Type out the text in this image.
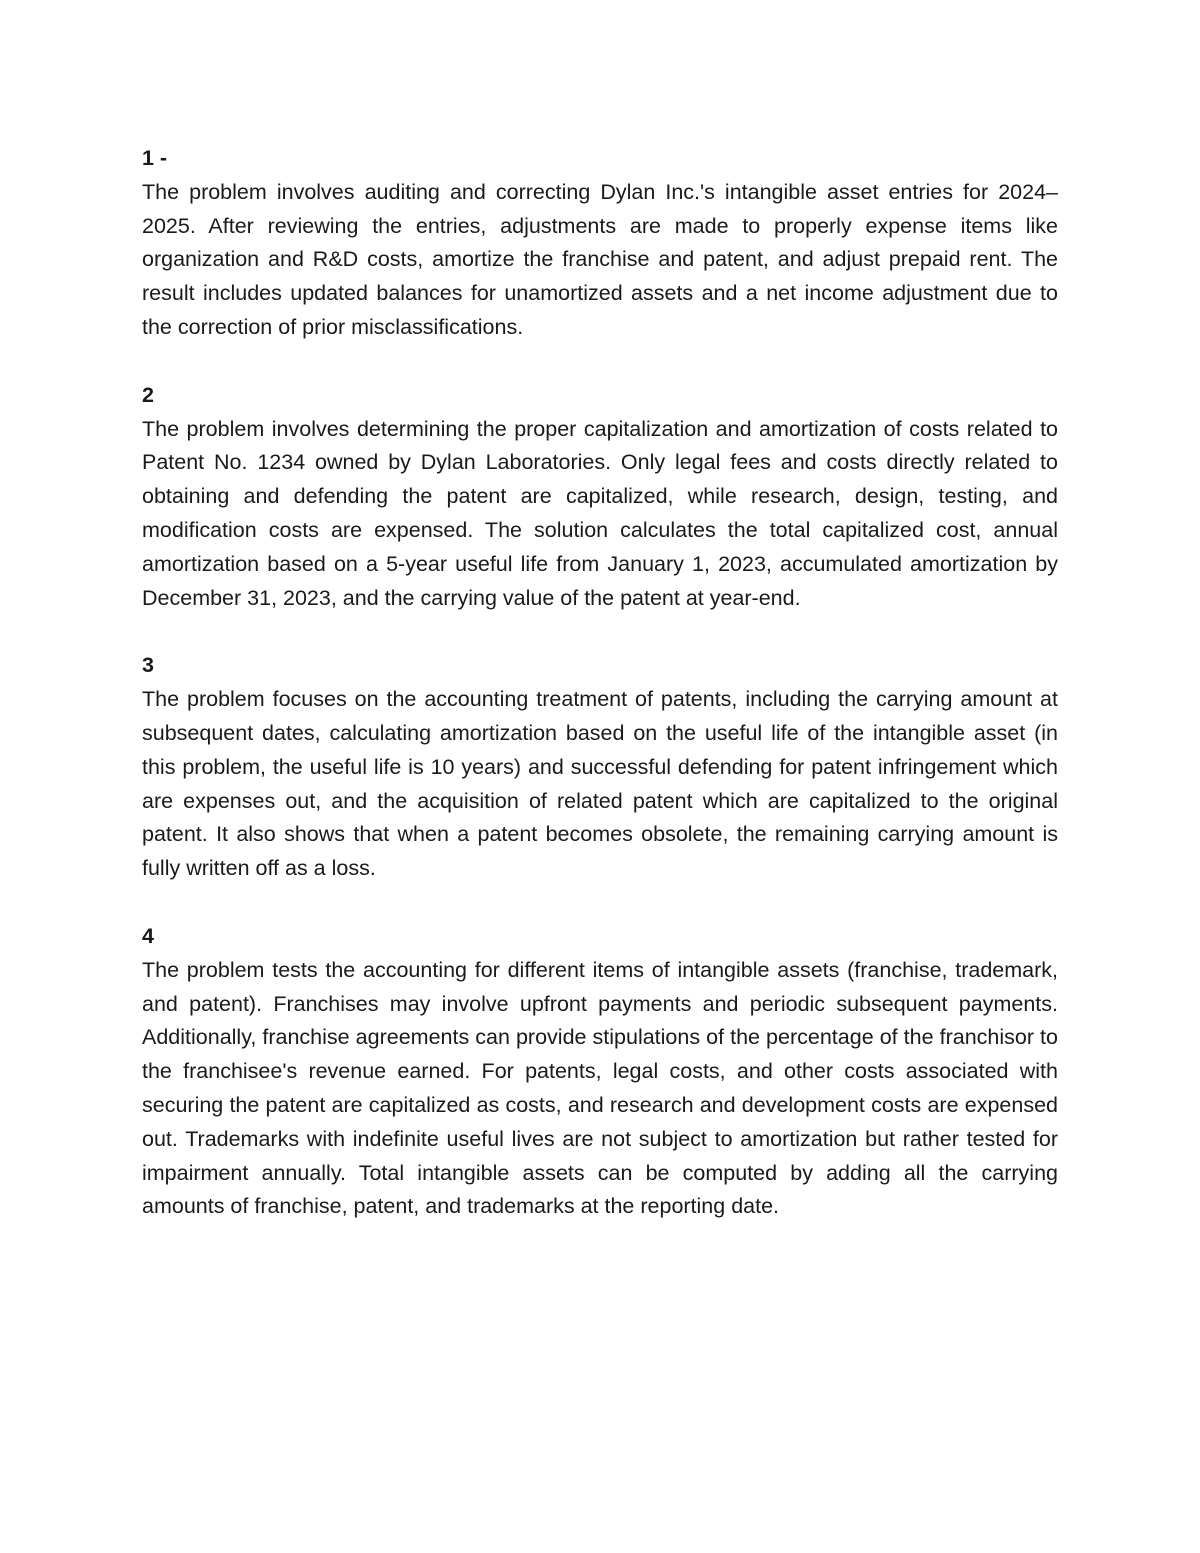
1 -

The problem involves auditing and correcting Dylan Inc.'s intangible asset entries for 2024–2025. After reviewing the entries, adjustments are made to properly expense items like organization and R&D costs, amortize the franchise and patent, and adjust prepaid rent. The result includes updated balances for unamortized assets and a net income adjustment due to the correction of prior misclassifications.

2

The problem involves determining the proper capitalization and amortization of costs related to Patent No. 1234 owned by Dylan Laboratories. Only legal fees and costs directly related to obtaining and defending the patent are capitalized, while research, design, testing, and modification costs are expensed. The solution calculates the total capitalized cost, annual amortization based on a 5-year useful life from January 1, 2023, accumulated amortization by December 31, 2023, and the carrying value of the patent at year-end.

3

The problem focuses on the accounting treatment of patents, including the carrying amount at subsequent dates, calculating amortization based on the useful life of the intangible asset (in this problem, the useful life is 10 years) and successful defending for patent infringement which are expenses out, and the acquisition of related patent which are capitalized to the original patent. It also shows that when a patent becomes obsolete, the remaining carrying amount is fully written off as a loss.

4

The problem tests the accounting for different items of intangible assets (franchise, trademark, and patent). Franchises may involve upfront payments and periodic subsequent payments. Additionally, franchise agreements can provide stipulations of the percentage of the franchisor to the franchisee's revenue earned. For patents, legal costs, and other costs associated with securing the patent are capitalized as costs, and research and development costs are expensed out. Trademarks with indefinite useful lives are not subject to amortization but rather tested for impairment annually. Total intangible assets can be computed by adding all the carrying amounts of franchise, patent, and trademarks at the reporting date.
